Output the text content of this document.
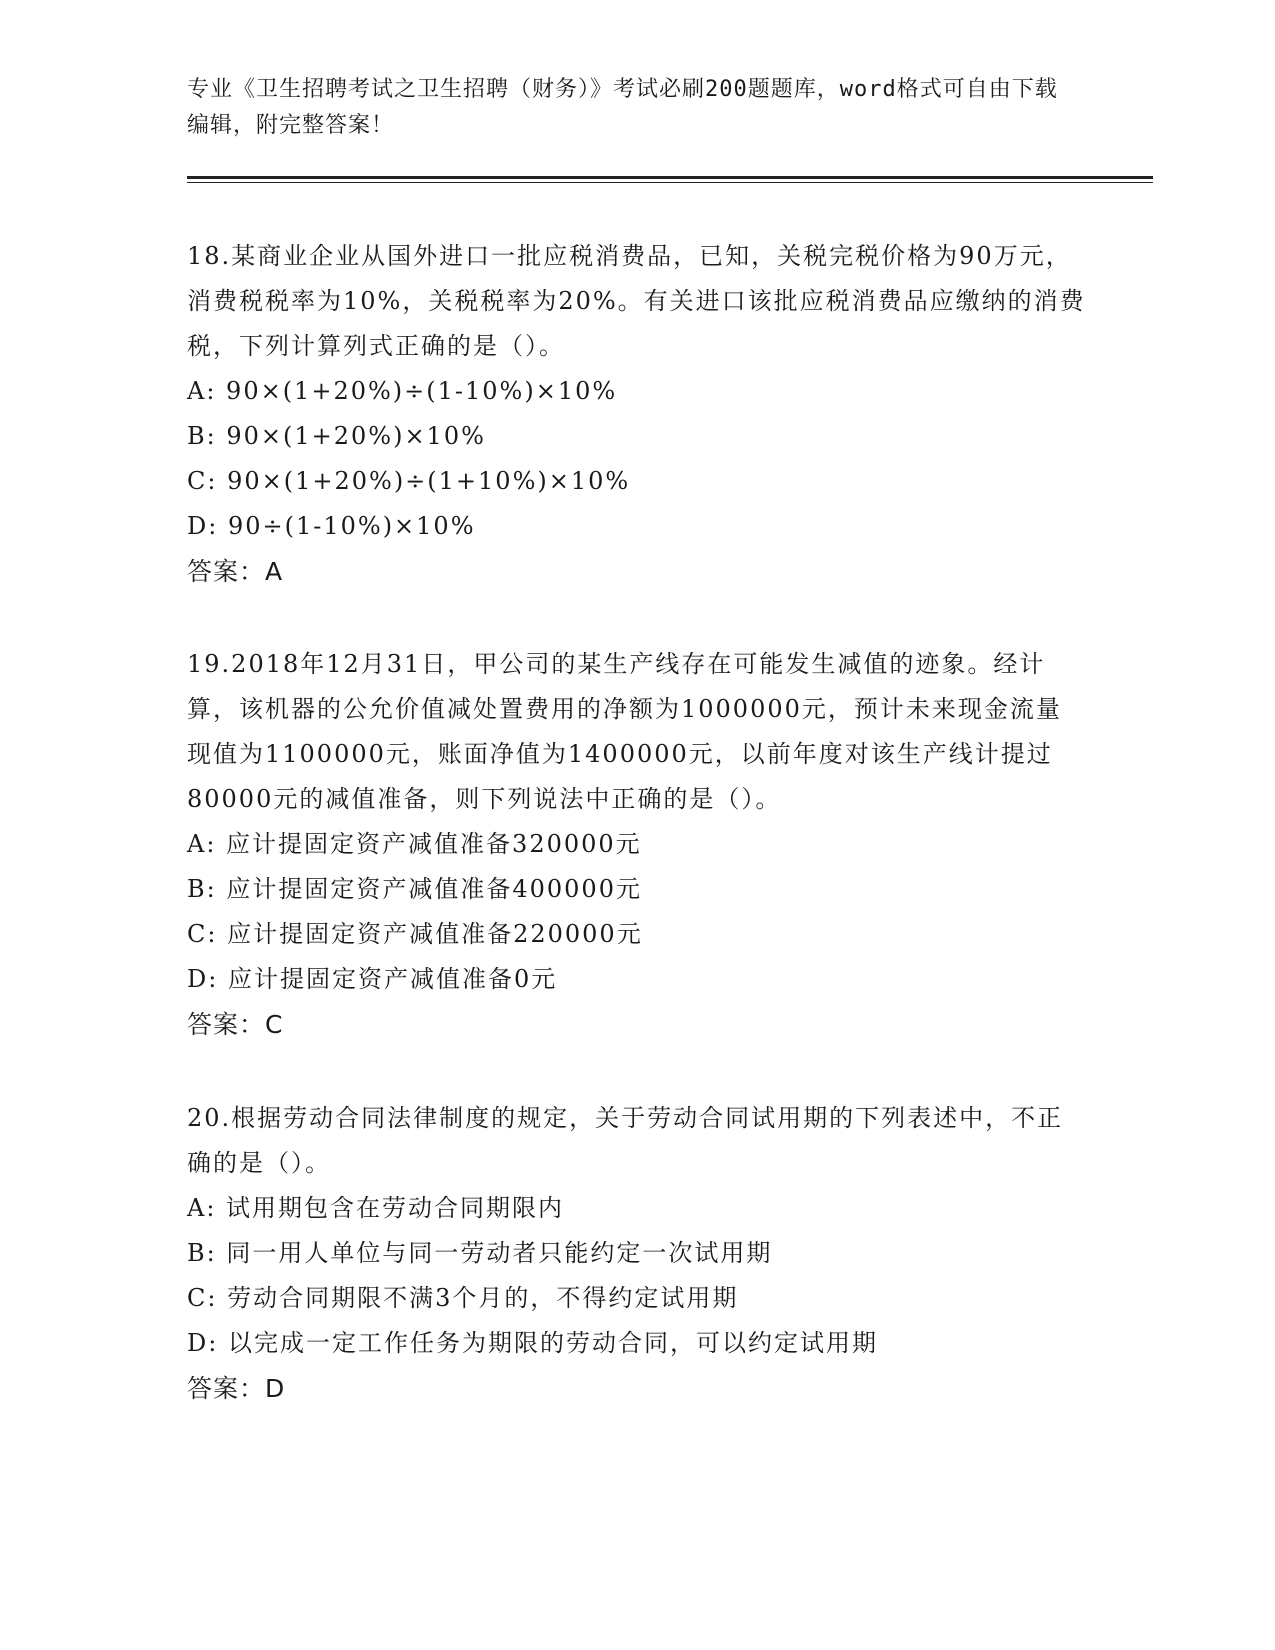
专业《卫生招聘考试之卫生招聘（财务）》考试必刷200题题库，word格式可自由下载编辑，附完整答案！

18.某商业企业从国外进口一批应税消费品，已知，关税完税价格为90万元，消费税税率为10%，关税税率为20%。有关进口该批应税消费品应缴纳的消费税，下列计算列式正确的是（）。

A: 90×(1+20%)÷(1-10%)×10%

B: 90×(1+20%)×10%

C: 90×(1+20%)÷(1+10%)×10%

D: 90÷(1-10%)×10%

答案：A

19.2018年12月31日，甲公司的某生产线存在可能发生减值的迹象。经计算，该机器的公允价值减处置费用的净额为1000000元，预计未来现金流量现值为1100000元，账面净值为1400000元，以前年度对该生产线计提过80000元的减值准备，则下列说法中正确的是（）。

A: 应计提固定资产减值准备320000元

B: 应计提固定资产减值准备400000元

C: 应计提固定资产减值准备220000元

D: 应计提固定资产减值准备0元

答案：C

20.根据劳动合同法律制度的规定，关于劳动合同试用期的下列表述中，不正确的是（）。

A: 试用期包含在劳动合同期限内

B: 同一用人单位与同一劳动者只能约定一次试用期

C: 劳动合同期限不满3个月的，不得约定试用期

D: 以完成一定工作任务为期限的劳动合同，可以约定试用期

答案：D
